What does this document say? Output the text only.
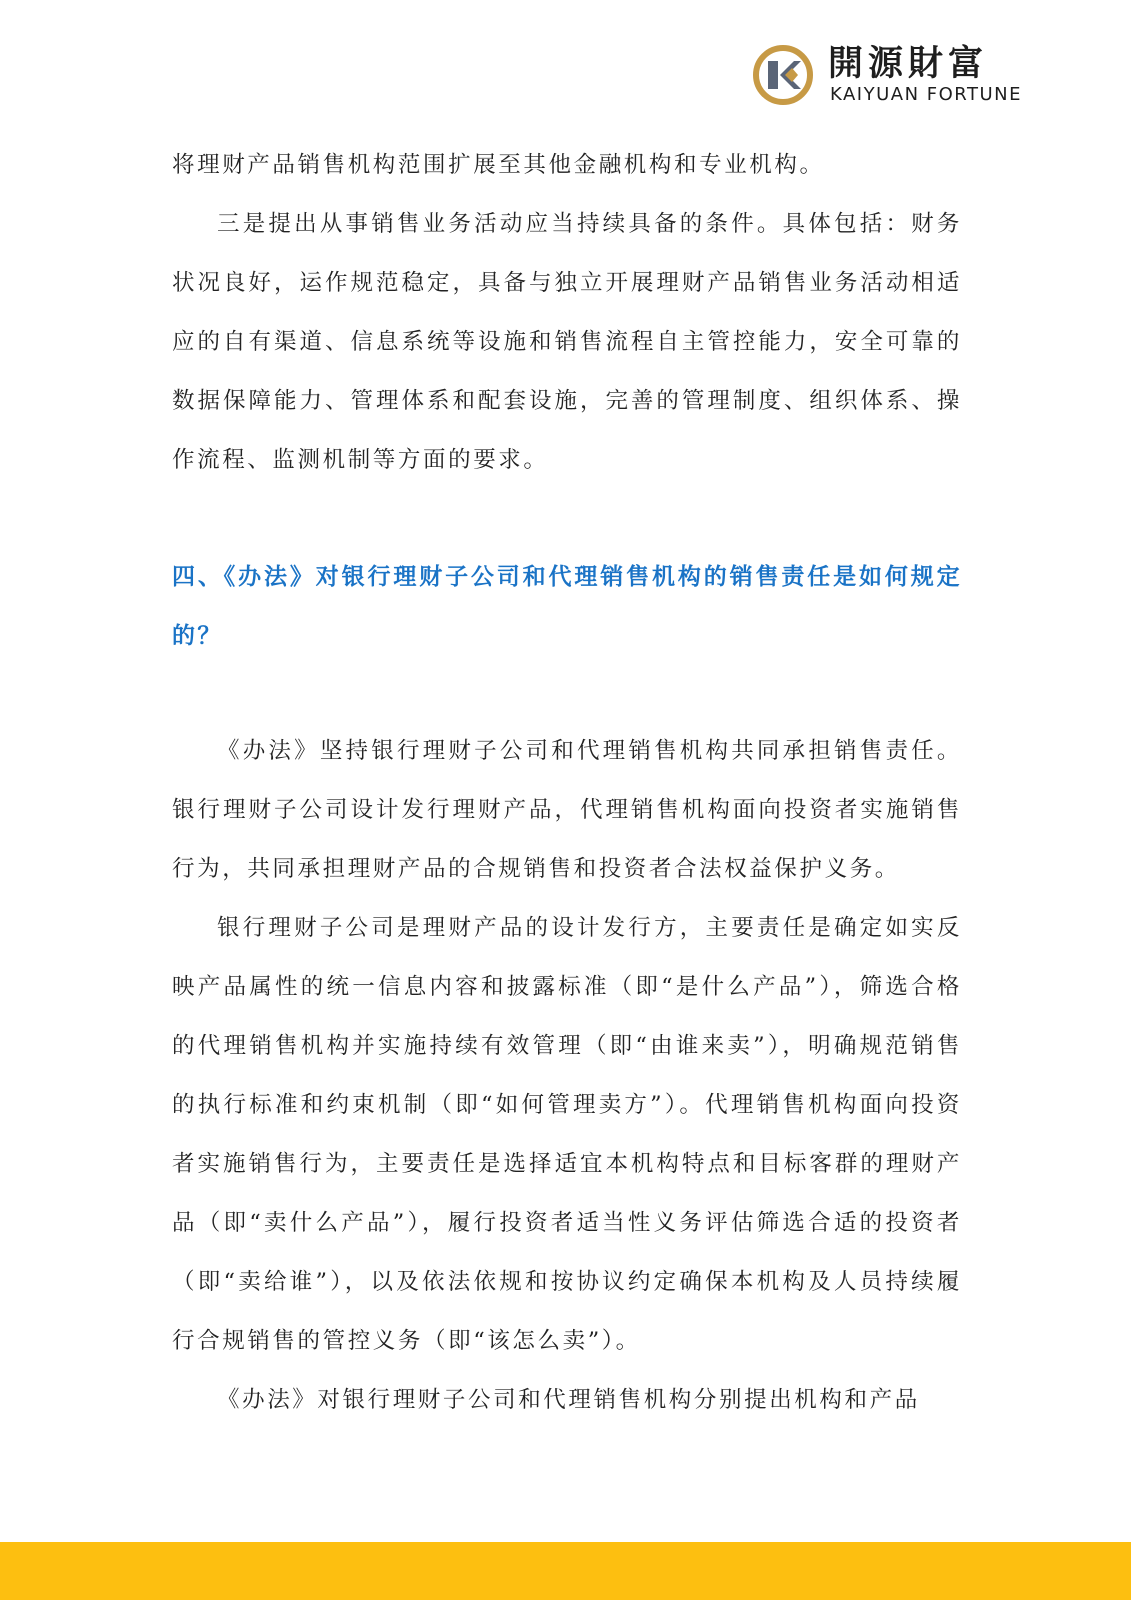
開源財富
KAIYUAN FORTUNE

将理财产品销售机构范围扩展至其他金融机构和专业机构。

三是提出从事销售业务活动应当持续具备的条件。具体包括：财务状况良好，运作规范稳定，具备与独立开展理财产品销售业务活动相适应的自有渠道、信息系统等设施和销售流程自主管控能力，安全可靠的数据保障能力、管理体系和配套设施，完善的管理制度、组织体系、操作流程、监测机制等方面的要求。

四、《办法》对银行理财子公司和代理销售机构的销售责任是如何规定的？

《办法》坚持银行理财子公司和代理销售机构共同承担销售责任。银行理财子公司设计发行理财产品，代理销售机构面向投资者实施销售行为，共同承担理财产品的合规销售和投资者合法权益保护义务。

银行理财子公司是理财产品的设计发行方，主要责任是确定如实反映产品属性的统一信息内容和披露标准（即“是什么产品”），筛选合格的代理销售机构并实施持续有效管理（即“由谁来卖”），明确规范销售的执行标准和约束机制（即“如何管理卖方”）。代理销售机构面向投资者实施销售行为，主要责任是选择适宜本机构特点和目标客群的理财产品（即“卖什么产品”），履行投资者适当性义务评估筛选合适的投资者（即“卖给谁”），以及依法依规和按协议约定确保本机构及人员持续履行合规销售的管控义务（即“该怎么卖”）。

《办法》对银行理财子公司和代理销售机构分别提出机构和产品
